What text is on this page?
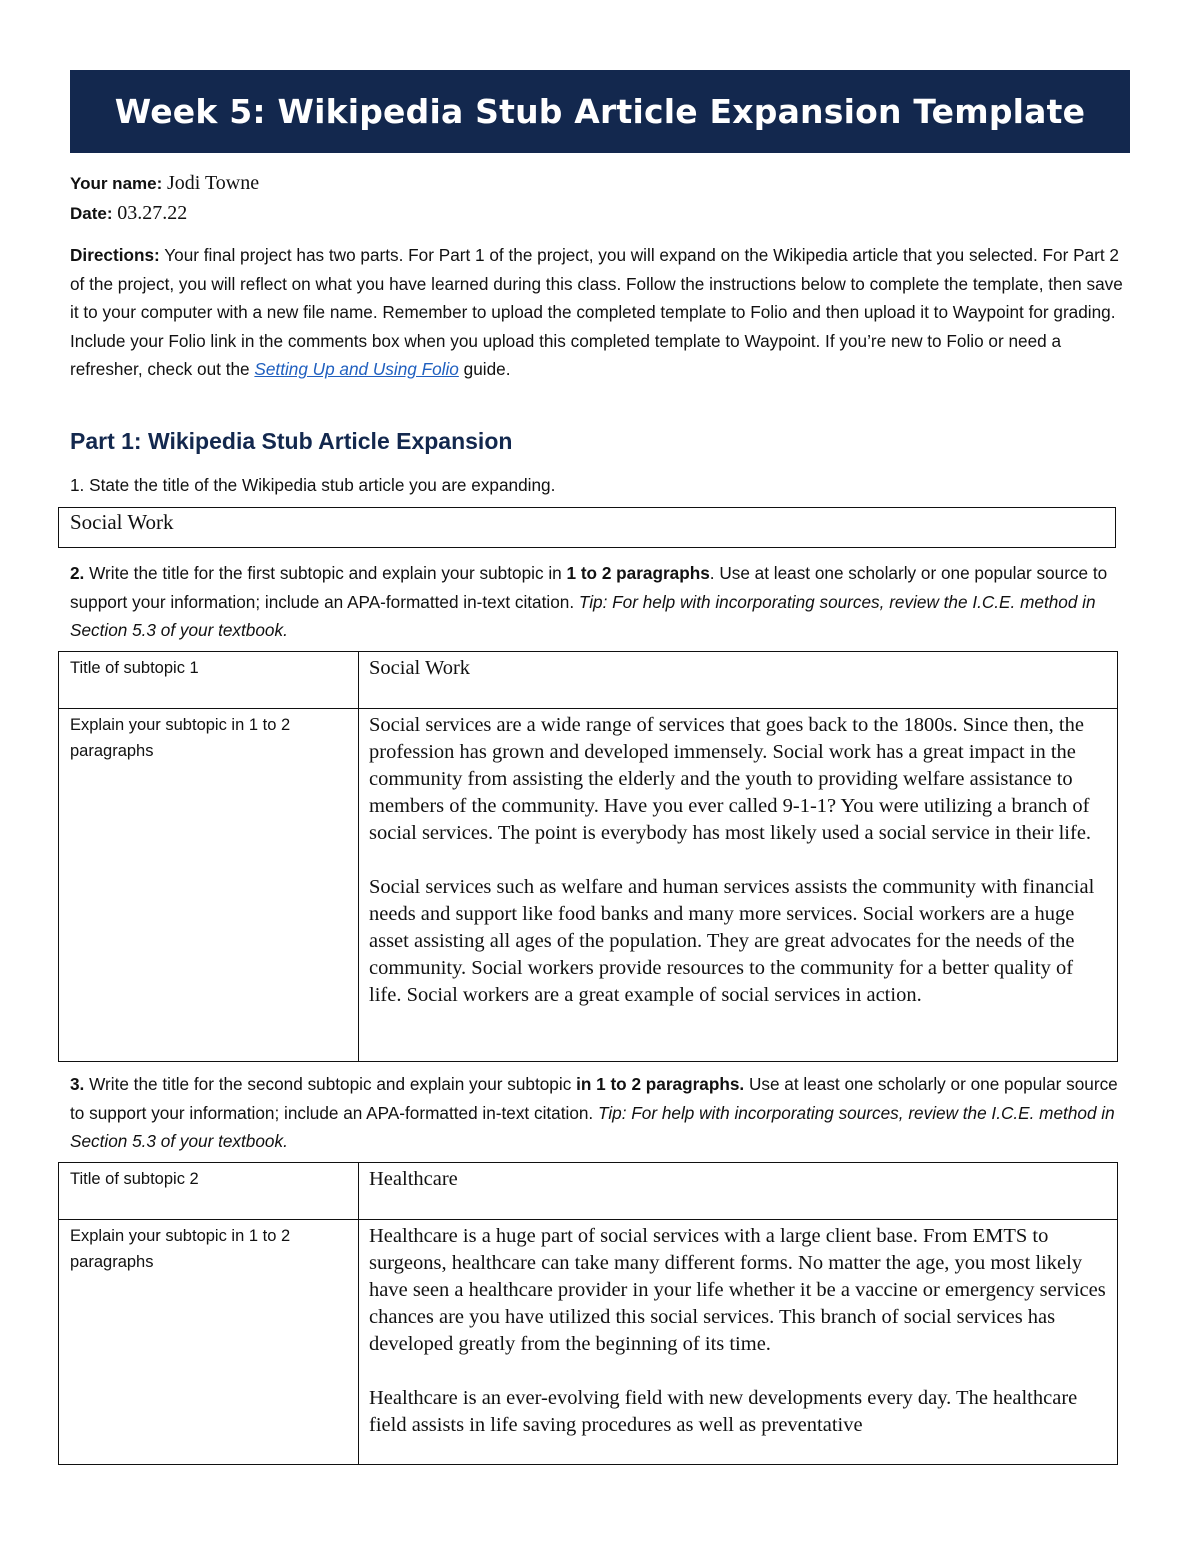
Week 5: Wikipedia Stub Article Expansion Template
Your name: Jodi Towne
Date: 03.27.22

Directions: Your final project has two parts. For Part 1 of the project, you will expand on the Wikipedia article that you selected. For Part 2 of the project, you will reflect on what you have learned during this class. Follow the instructions below to complete the template, then save it to your computer with a new file name. Remember to upload the completed template to Folio and then upload it to Waypoint for grading. Include your Folio link in the comments box when you upload this completed template to Waypoint. If you’re new to Folio or need a refresher, check out the Setting Up and Using Folio guide.

Part 1: Wikipedia Stub Article Expansion

1. State the title of the Wikipedia stub article you are expanding.

Social Work

2. Write the title for the first subtopic and explain your subtopic in 1 to 2 paragraphs. Use at least one scholarly or one popular source to support your information; include an APA-formatted in-text citation. Tip: For help with incorporating sources, review the I.C.E. method in Section 5.3 of your textbook.

Title of subtopic 1	Social Work

Explain your subtopic in 1 to 2 paragraphs	Social services are a wide range of services that goes back to the 1800s. Since then, the profession has grown and developed immensely. Social work has a great impact in the community from assisting the elderly and the youth to providing welfare assistance to members of the community. Have you ever called 9-1-1? You were utilizing a branch of social services. The point is everybody has most likely used a social service in their life.

Social services such as welfare and human services assists the community with financial needs and support like food banks and many more services. Social workers are a huge asset assisting all ages of the population. They are great advocates for the needs of the community. Social workers provide resources to the community for a better quality of life. Social workers are a great example of social services in action.

3. Write the title for the second subtopic and explain your subtopic in 1 to 2 paragraphs. Use at least one scholarly or one popular source to support your information; include an APA-formatted in-text citation. Tip: For help with incorporating sources, review the I.C.E. method in Section 5.3 of your textbook.

Title of subtopic 2	Healthcare

Explain your subtopic in 1 to 2 paragraphs	Healthcare is a huge part of social services with a large client base. From EMTS to surgeons, healthcare can take many different forms. No matter the age, you most likely have seen a healthcare provider in your life whether it be a vaccine or emergency services chances are you have utilized this social services. This branch of social services has developed greatly from the beginning of its time.

Healthcare is an ever-evolving field with new developments every day. The healthcare field assists in life saving procedures as well as preventative
